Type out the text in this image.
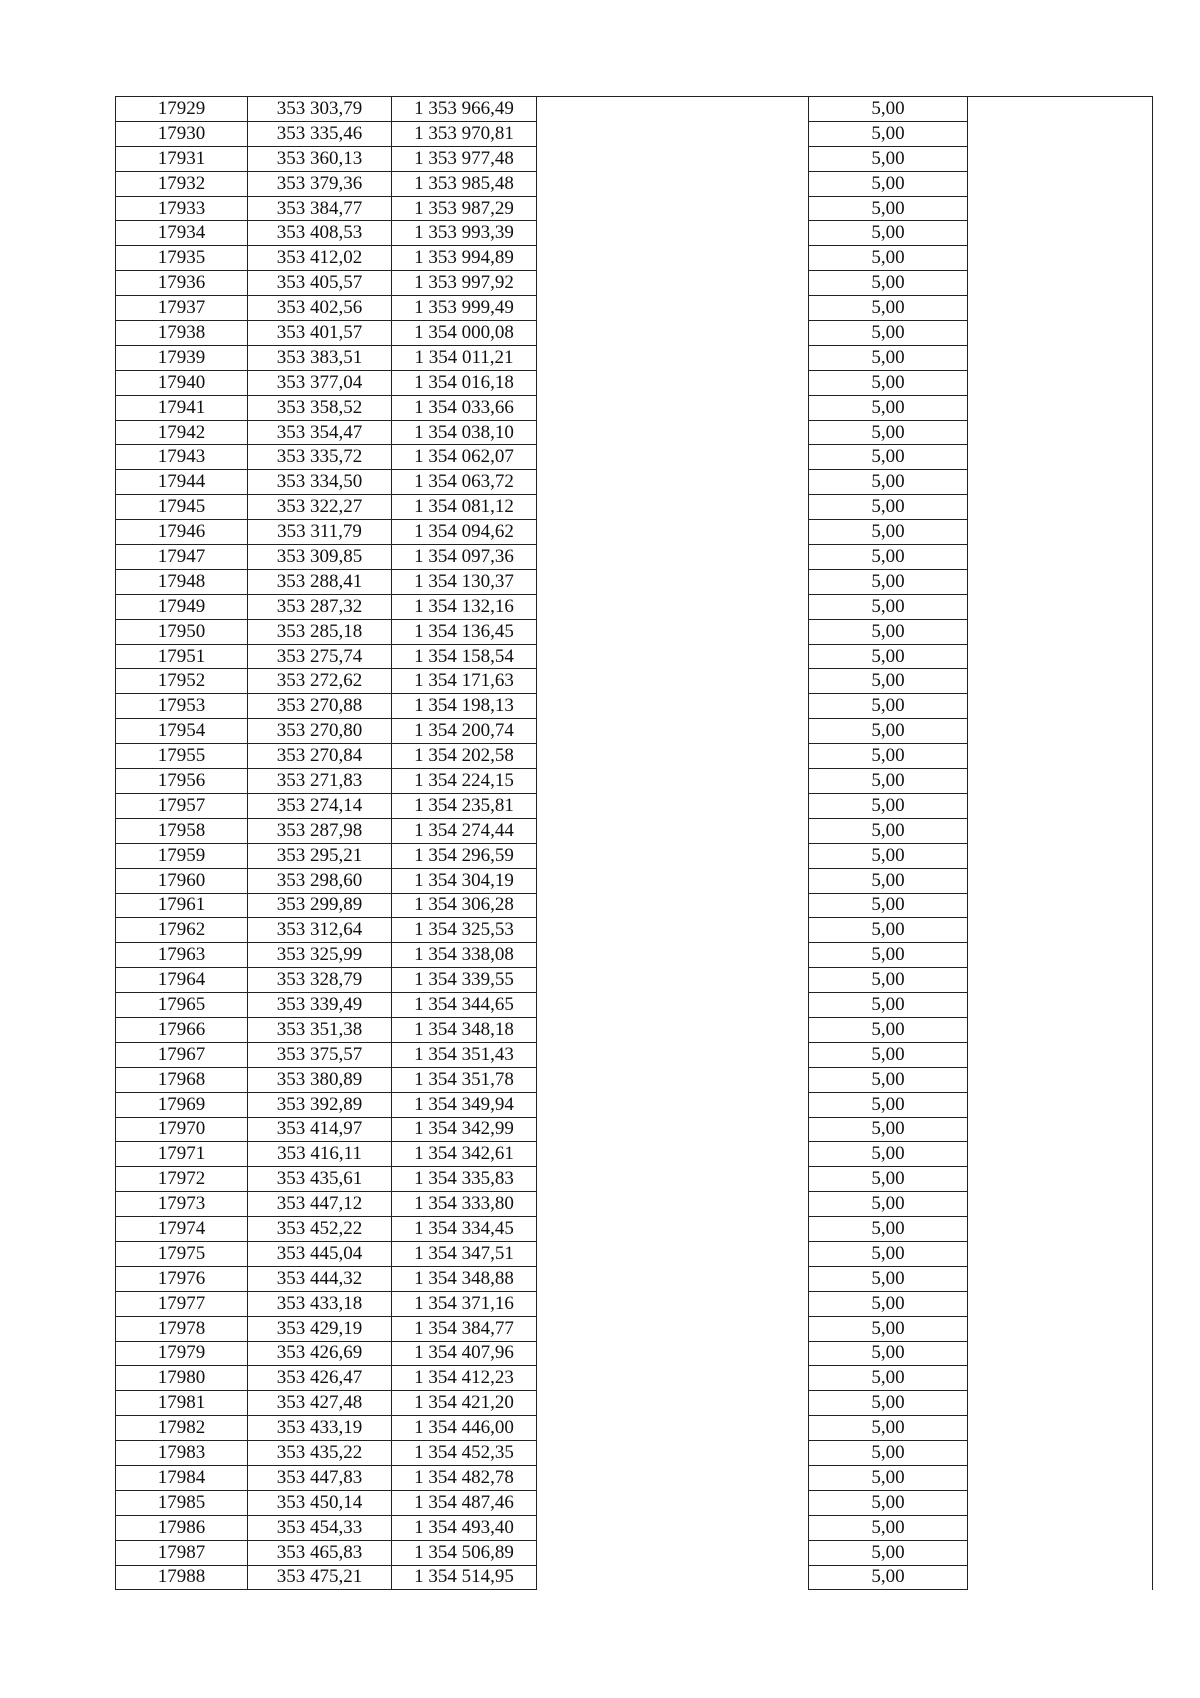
17929	353 303,79	1 353 966,49		5,00	
17930	353 335,46	1 353 970,81		5,00	
17931	353 360,13	1 353 977,48		5,00	
17932	353 379,36	1 353 985,48		5,00	
17933	353 384,77	1 353 987,29		5,00	
17934	353 408,53	1 353 993,39		5,00	
17935	353 412,02	1 353 994,89		5,00	
17936	353 405,57	1 353 997,92		5,00	
17937	353 402,56	1 353 999,49		5,00	
17938	353 401,57	1 354 000,08		5,00	
17939	353 383,51	1 354 011,21		5,00	
17940	353 377,04	1 354 016,18		5,00	
17941	353 358,52	1 354 033,66		5,00	
17942	353 354,47	1 354 038,10		5,00	
17943	353 335,72	1 354 062,07		5,00	
17944	353 334,50	1 354 063,72		5,00	
17945	353 322,27	1 354 081,12		5,00	
17946	353 311,79	1 354 094,62		5,00	
17947	353 309,85	1 354 097,36		5,00	
17948	353 288,41	1 354 130,37		5,00	
17949	353 287,32	1 354 132,16		5,00	
17950	353 285,18	1 354 136,45		5,00	
17951	353 275,74	1 354 158,54		5,00	
17952	353 272,62	1 354 171,63		5,00	
17953	353 270,88	1 354 198,13		5,00	
17954	353 270,80	1 354 200,74		5,00	
17955	353 270,84	1 354 202,58		5,00	
17956	353 271,83	1 354 224,15		5,00	
17957	353 274,14	1 354 235,81		5,00	
17958	353 287,98	1 354 274,44		5,00	
17959	353 295,21	1 354 296,59		5,00	
17960	353 298,60	1 354 304,19		5,00	
17961	353 299,89	1 354 306,28		5,00	
17962	353 312,64	1 354 325,53		5,00	
17963	353 325,99	1 354 338,08		5,00	
17964	353 328,79	1 354 339,55		5,00	
17965	353 339,49	1 354 344,65		5,00	
17966	353 351,38	1 354 348,18		5,00	
17967	353 375,57	1 354 351,43		5,00	
17968	353 380,89	1 354 351,78		5,00	
17969	353 392,89	1 354 349,94		5,00	
17970	353 414,97	1 354 342,99		5,00	
17971	353 416,11	1 354 342,61		5,00	
17972	353 435,61	1 354 335,83		5,00	
17973	353 447,12	1 354 333,80		5,00	
17974	353 452,22	1 354 334,45		5,00	
17975	353 445,04	1 354 347,51		5,00	
17976	353 444,32	1 354 348,88		5,00	
17977	353 433,18	1 354 371,16		5,00	
17978	353 429,19	1 354 384,77		5,00	
17979	353 426,69	1 354 407,96		5,00	
17980	353 426,47	1 354 412,23		5,00	
17981	353 427,48	1 354 421,20		5,00	
17982	353 433,19	1 354 446,00		5,00	
17983	353 435,22	1 354 452,35		5,00	
17984	353 447,83	1 354 482,78		5,00	
17985	353 450,14	1 354 487,46		5,00	
17986	353 454,33	1 354 493,40		5,00	
17987	353 465,83	1 354 506,89		5,00	
17988	353 475,21	1 354 514,95		5,00	
